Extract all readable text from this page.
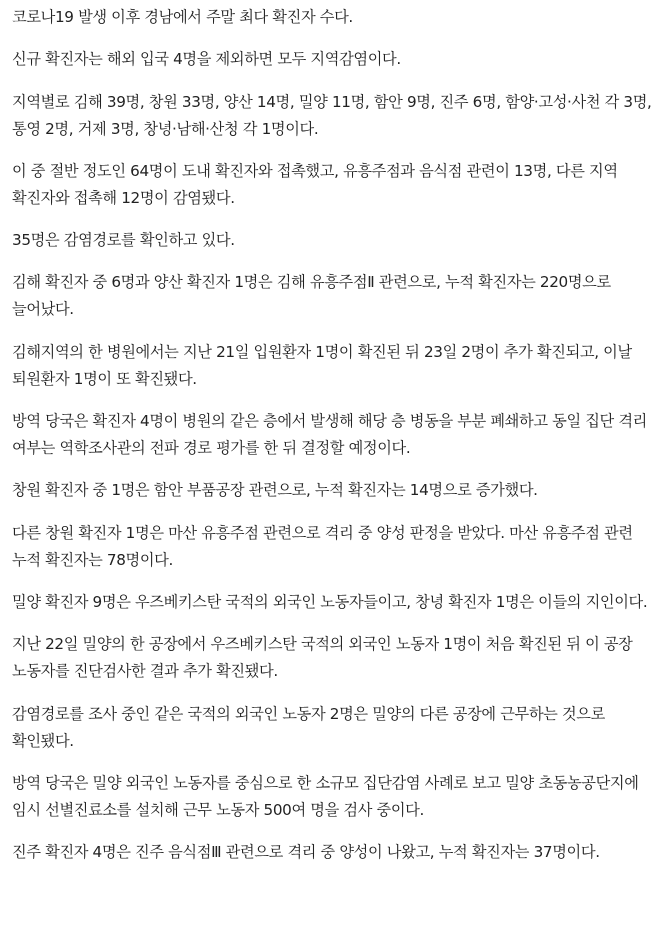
코로나19 발생 이후 경남에서 주말 최다 확진자 수다.

신규 확진자는 해외 입국 4명을 제외하면 모두 지역감염이다.

지역별로 김해 39명, 창원 33명, 양산 14명, 밀양 11명, 함안 9명, 진주 6명, 함양·고성·사천 각 3명, 통영 2명, 거제 3명, 창녕·남해·산청 각 1명이다.

이 중 절반 정도인 64명이 도내 확진자와 접촉했고, 유흥주점과 음식점 관련이 13명, 다른 지역 확진자와 접촉해 12명이 감염됐다.

35명은 감염경로를 확인하고 있다.

김해 확진자 중 6명과 양산 확진자 1명은 김해 유흥주점Ⅱ 관련으로, 누적 확진자는 220명으로 늘어났다.

김해지역의 한 병원에서는 지난 21일 입원환자 1명이 확진된 뒤 23일 2명이 추가 확진되고, 이날 퇴원환자 1명이 또 확진됐다.

방역 당국은 확진자 4명이 병원의 같은 층에서 발생해 해당 층 병동을 부분 폐쇄하고 동일 집단 격리 여부는 역학조사관의 전파 경로 평가를 한 뒤 결정할 예정이다.

창원 확진자 중 1명은 함안 부품공장 관련으로, 누적 확진자는 14명으로 증가했다.

다른 창원 확진자 1명은 마산 유흥주점 관련으로 격리 중 양성 판정을 받았다. 마산 유흥주점 관련 누적 확진자는 78명이다.

밀양 확진자 9명은 우즈베키스탄 국적의 외국인 노동자들이고, 창녕 확진자 1명은 이들의 지인이다.

지난 22일 밀양의 한 공장에서 우즈베키스탄 국적의 외국인 노동자 1명이 처음 확진된 뒤 이 공장 노동자를 진단검사한 결과 추가 확진됐다.

감염경로를 조사 중인 같은 국적의 외국인 노동자 2명은 밀양의 다른 공장에 근무하는 것으로 확인됐다.

방역 당국은 밀양 외국인 노동자를 중심으로 한 소규모 집단감염 사례로 보고 밀양 초동농공단지에 임시 선별진료소를 설치해 근무 노동자 500여 명을 검사 중이다.

진주 확진자 4명은 진주 음식점Ⅲ 관련으로 격리 중 양성이 나왔고, 누적 확진자는 37명이다.
